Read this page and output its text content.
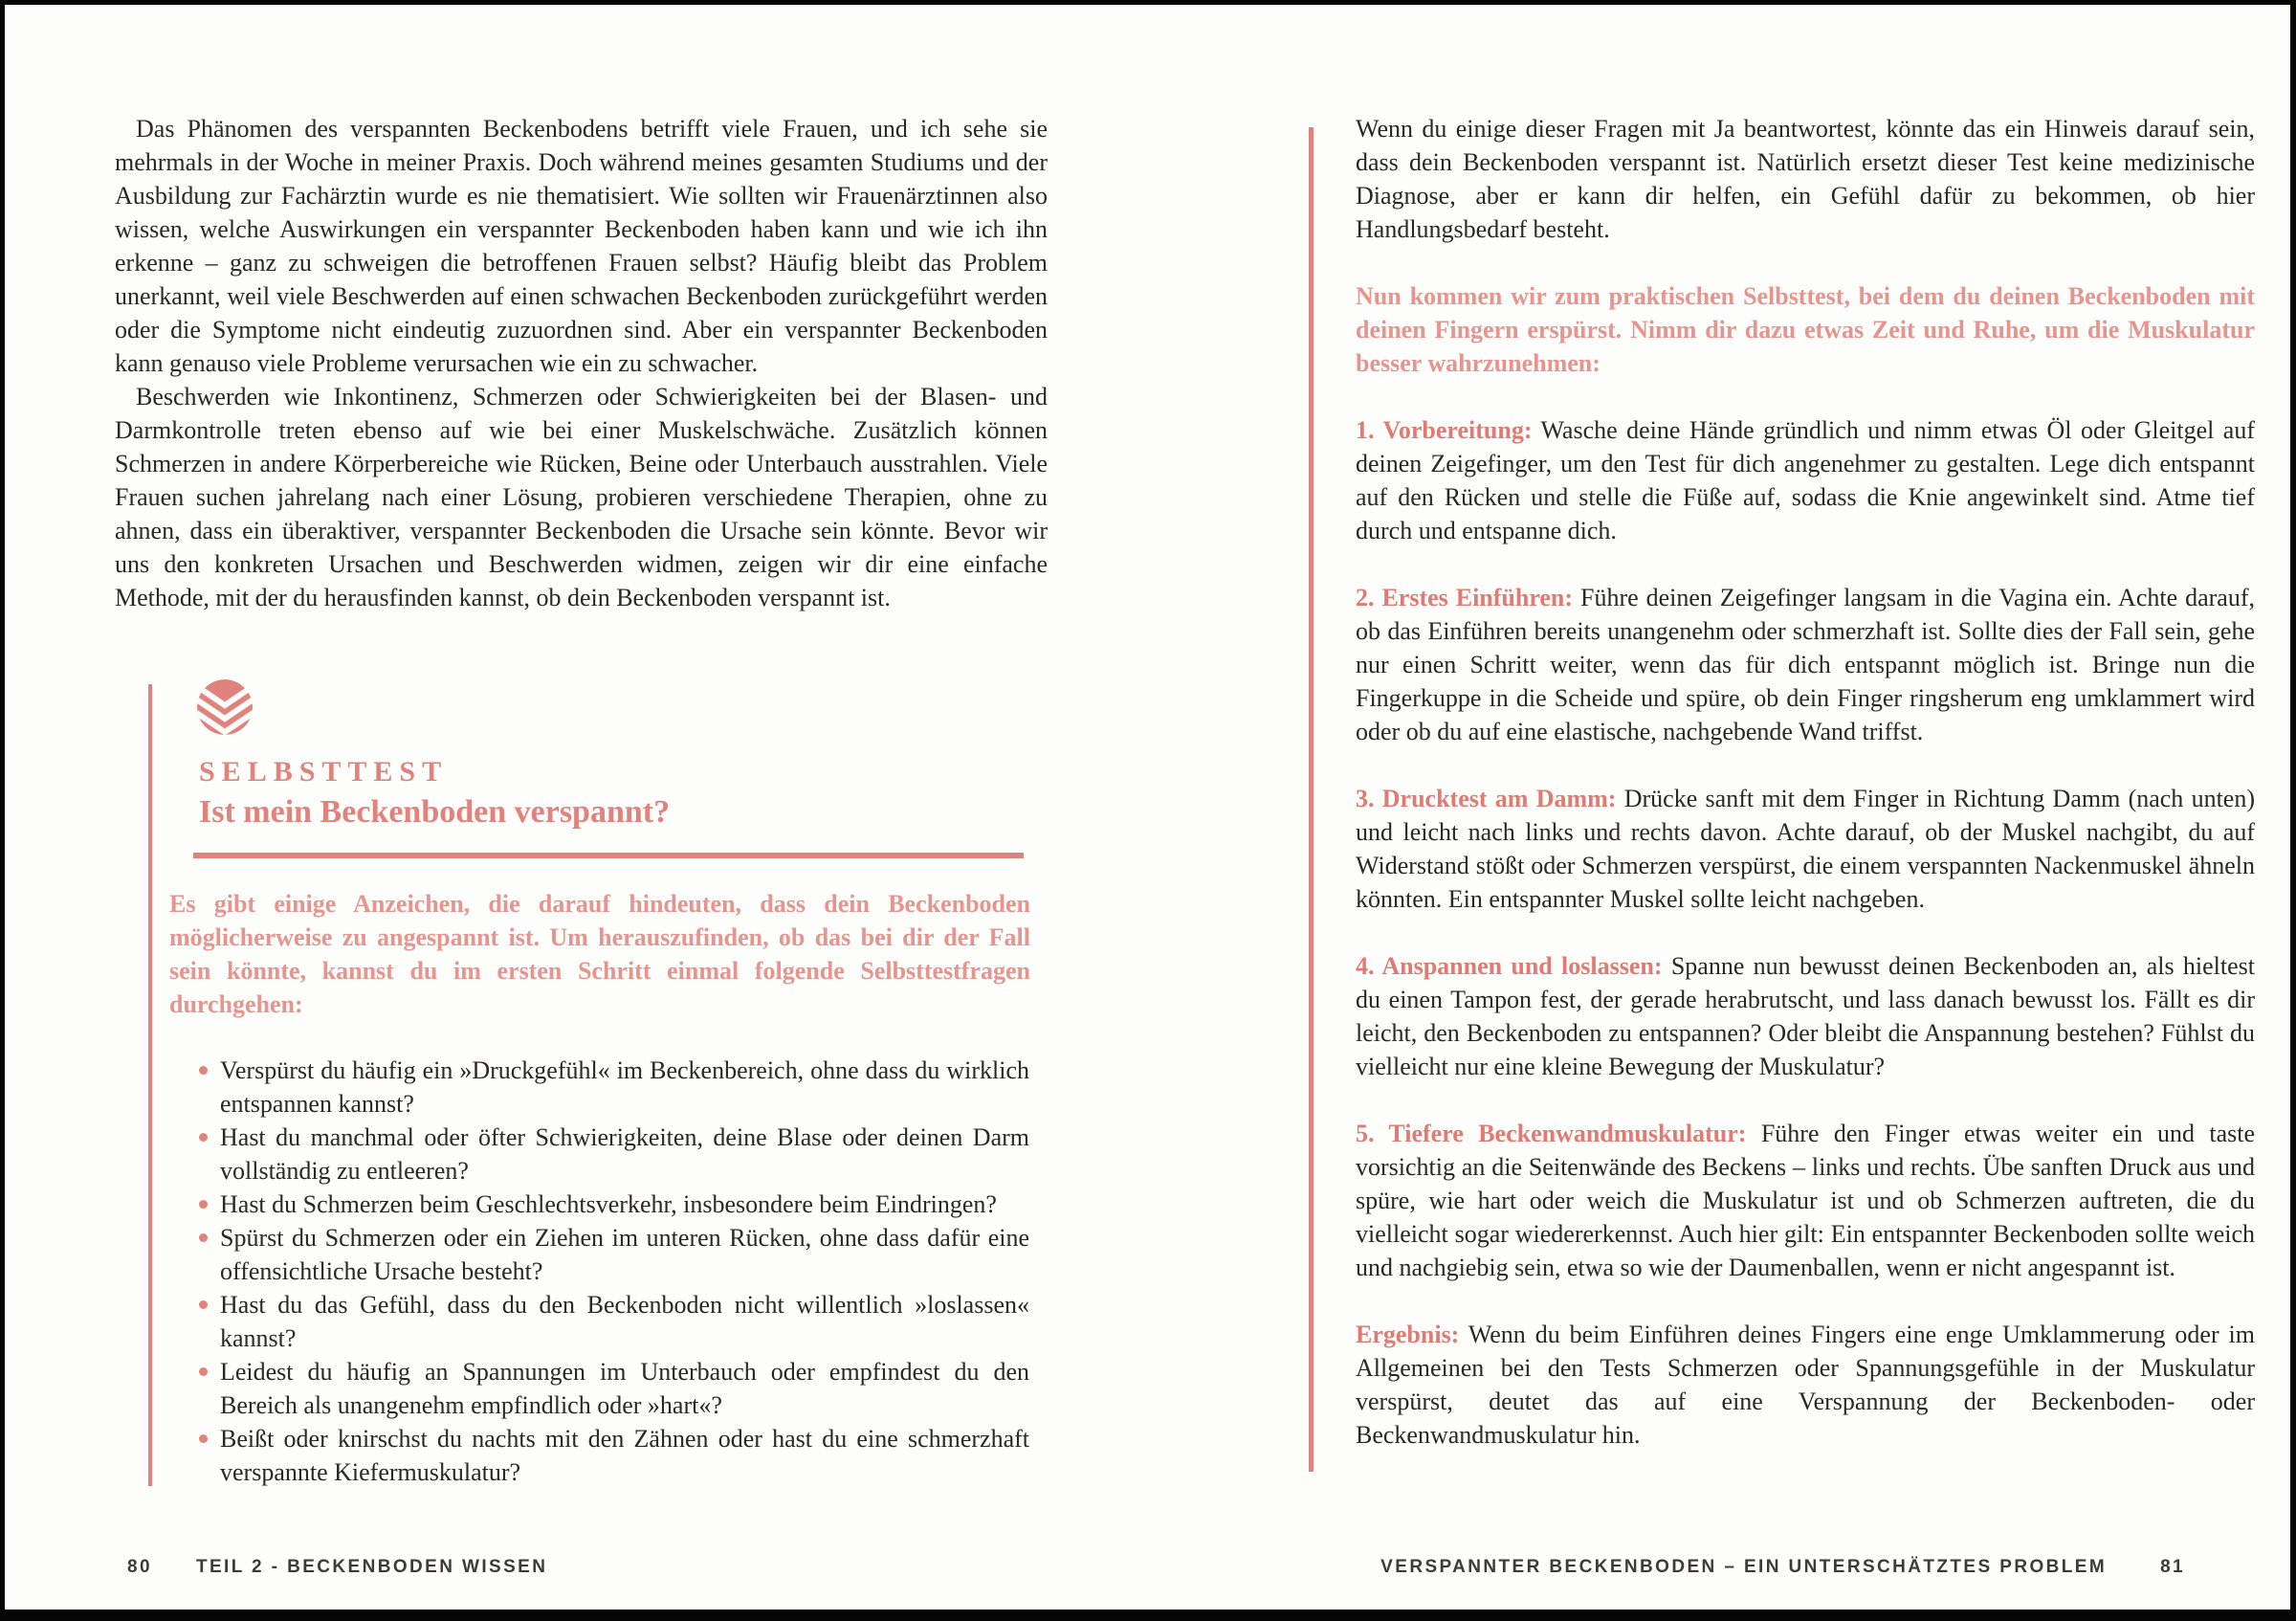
Das Phänomen des verspannten Beckenbodens betrifft viele Frauen, und ich sehe sie mehrmals in der Woche in meiner Praxis. Doch während meines gesamten Studiums und der Ausbildung zur Fachärztin wurde es nie thematisiert. Wie sollten wir Frauenärztinnen also wissen, welche Auswirkungen ein verspannter Beckenboden haben kann und wie ich ihn erkenne – ganz zu schweigen die betroffenen Frauen selbst? Häufig bleibt das Problem unerkannt, weil viele Beschwerden auf einen schwachen Beckenboden zurückgeführt werden oder die Symptome nicht eindeutig zuzuordnen sind. Aber ein verspannter Beckenboden kann genauso viele Probleme verursachen wie ein zu schwacher.

Beschwerden wie Inkontinenz, Schmerzen oder Schwierigkeiten bei der Blasen- und Darmkontrolle treten ebenso auf wie bei einer Muskelschwäche. Zusätzlich können Schmerzen in andere Körperbereiche wie Rücken, Beine oder Unterbauch ausstrahlen. Viele Frauen suchen jahrelang nach einer Lösung, probieren verschiedene Therapien, ohne zu ahnen, dass ein überaktiver, verspannter Beckenboden die Ursache sein könnte. Bevor wir uns den konkreten Ursachen und Beschwerden widmen, zeigen wir dir eine einfache Methode, mit der du herausfinden kannst, ob dein Beckenboden verspannt ist.

SELBSTTEST
Ist mein Beckenboden verspannt?

Es gibt einige Anzeichen, die darauf hindeuten, dass dein Beckenboden möglicherweise zu angespannt ist. Um herauszufinden, ob das bei dir der Fall sein könnte, kannst du im ersten Schritt einmal folgende Selbsttestfragen durchgehen:

Verspürst du häufig ein »Druckgefühl« im Beckenbereich, ohne dass du wirklich entspannen kannst?
Hast du manchmal oder öfter Schwierigkeiten, deine Blase oder deinen Darm vollständig zu entleeren?
Hast du Schmerzen beim Geschlechtsverkehr, insbesondere beim Eindringen?
Spürst du Schmerzen oder ein Ziehen im unteren Rücken, ohne dass dafür eine offensichtliche Ursache besteht?
Hast du das Gefühl, dass du den Beckenboden nicht willentlich »loslassen« kannst?
Leidest du häufig an Spannungen im Unterbauch oder empfindest du den Bereich als unangenehm empfindlich oder »hart«?
Beißt oder knirschst du nachts mit den Zähnen oder hast du eine schmerzhaft verspannte Kiefermuskulatur?
80 TEIL 2 - BECKENBODEN WISSEN

Wenn du einige dieser Fragen mit Ja beantwortest, könnte das ein Hinweis darauf sein, dass dein Beckenboden verspannt ist. Natürlich ersetzt dieser Test keine medizinische Diagnose, aber er kann dir helfen, ein Gefühl dafür zu bekommen, ob hier Handlungsbedarf besteht.

Nun kommen wir zum praktischen Selbsttest, bei dem du deinen Beckenboden mit deinen Fingern erspürst. Nimm dir dazu etwas Zeit und Ruhe, um die Muskulatur besser wahrzunehmen:

1. Vorbereitung: Wasche deine Hände gründlich und nimm etwas Öl oder Gleitgel auf deinen Zeigefinger, um den Test für dich angenehmer zu gestalten. Lege dich entspannt auf den Rücken und stelle die Füße auf, sodass die Knie angewinkelt sind. Atme tief durch und entspanne dich.

2. Erstes Einführen: Führe deinen Zeigefinger langsam in die Vagina ein. Achte darauf, ob das Einführen bereits unangenehm oder schmerzhaft ist. Sollte dies der Fall sein, gehe nur einen Schritt weiter, wenn das für dich entspannt möglich ist. Bringe nun die Fingerkuppe in die Scheide und spüre, ob dein Finger ringsherum eng umklammert wird oder ob du auf eine elastische, nachgebende Wand triffst.

3. Drucktest am Damm: Drücke sanft mit dem Finger in Richtung Damm (nach unten) und leicht nach links und rechts davon. Achte darauf, ob der Muskel nachgibt, du auf Widerstand stößt oder Schmerzen verspürst, die einem verspannten Nackenmuskel ähneln könnten. Ein entspannter Muskel sollte leicht nachgeben.

4. Anspannen und loslassen: Spanne nun bewusst deinen Beckenboden an, als hieltest du einen Tampon fest, der gerade herabrutscht, und lass danach bewusst los. Fällt es dir leicht, den Beckenboden zu entspannen? Oder bleibt die Anspannung bestehen? Fühlst du vielleicht nur eine kleine Bewegung der Muskulatur?

5. Tiefere Beckenwandmuskulatur: Führe den Finger etwas weiter ein und taste vorsichtig an die Seitenwände des Beckens – links und rechts. Übe sanften Druck aus und spüre, wie hart oder weich die Muskulatur ist und ob Schmerzen auftreten, die du vielleicht sogar wiedererkennst. Auch hier gilt: Ein entspannter Beckenboden sollte weich und nachgiebig sein, etwa so wie der Daumenballen, wenn er nicht angespannt ist.

Ergebnis: Wenn du beim Einführen deines Fingers eine enge Umklammerung oder im Allgemeinen bei den Tests Schmerzen oder Spannungsgefühle in der Muskulatur verspürst, deutet das auf eine Verspannung der Beckenboden- oder Beckenwandmuskulatur hin.

VERSPANNTER BECKENBODEN – EIN UNTERSCHÄTZTES PROBLEM	81
